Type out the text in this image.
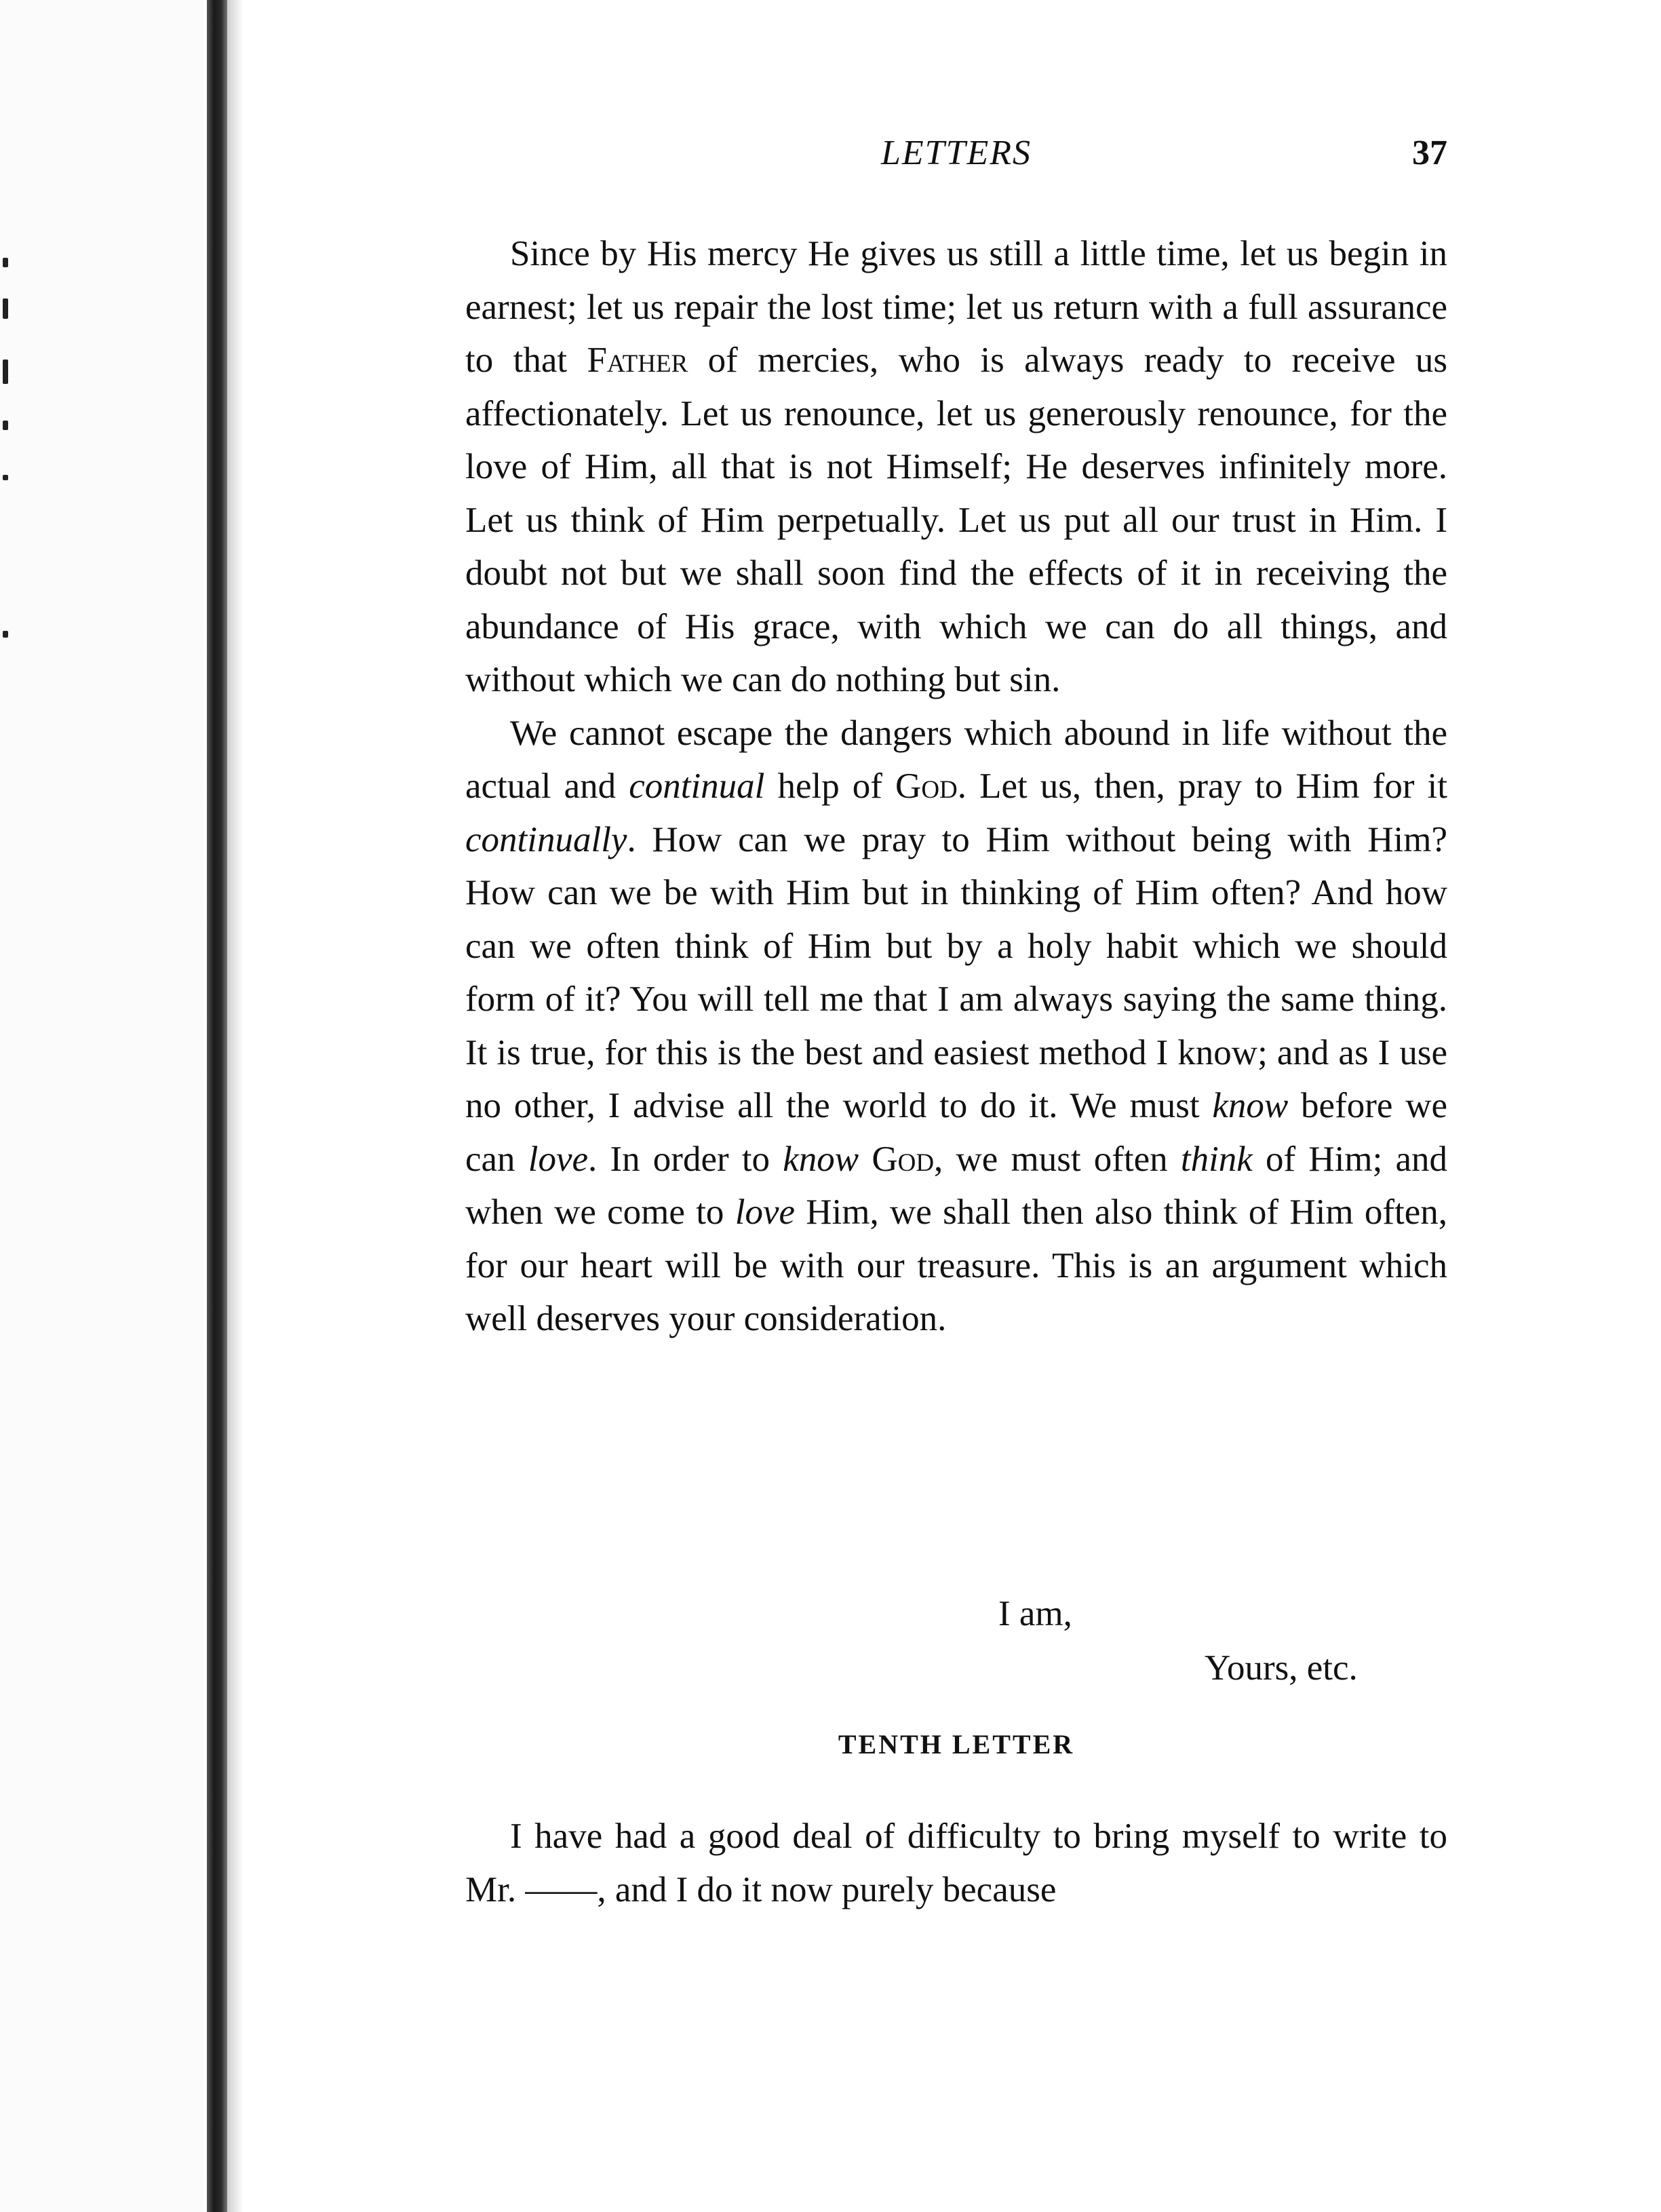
LETTERS	37

Since by His mercy He gives us still a little time, let us begin in earnest; let us repair the lost time; let us return with a full assurance to that Father of mercies, who is always ready to receive us affectionately. Let us renounce, let us generously renounce, for the love of Him, all that is not Himself; He deserves infinitely more. Let us think of Him perpetually. Let us put all our trust in Him. I doubt not but we shall soon find the effects of it in receiving the abundance of His grace, with which we can do all things, and without which we can do nothing but sin.

We cannot escape the dangers which abound in life without the actual and continual help of God. Let us, then, pray to Him for it continually. How can we pray to Him without being with Him? How can we be with Him but in thinking of Him often? And how can we often think of Him but by a holy habit which we should form of it? You will tell me that I am always saying the same thing. It is true, for this is the best and easiest method I know; and as I use no other, I advise all the world to do it. We must know before we can love. In order to know God, we must often think of Him; and when we come to love Him, we shall then also think of Him often, for our heart will be with our treasure. This is an argument which well deserves your consideration.

I am,
Yours, etc.
TENTH LETTER

I have had a good deal of difficulty to bring myself to write to Mr. ——, and I do it now purely because
